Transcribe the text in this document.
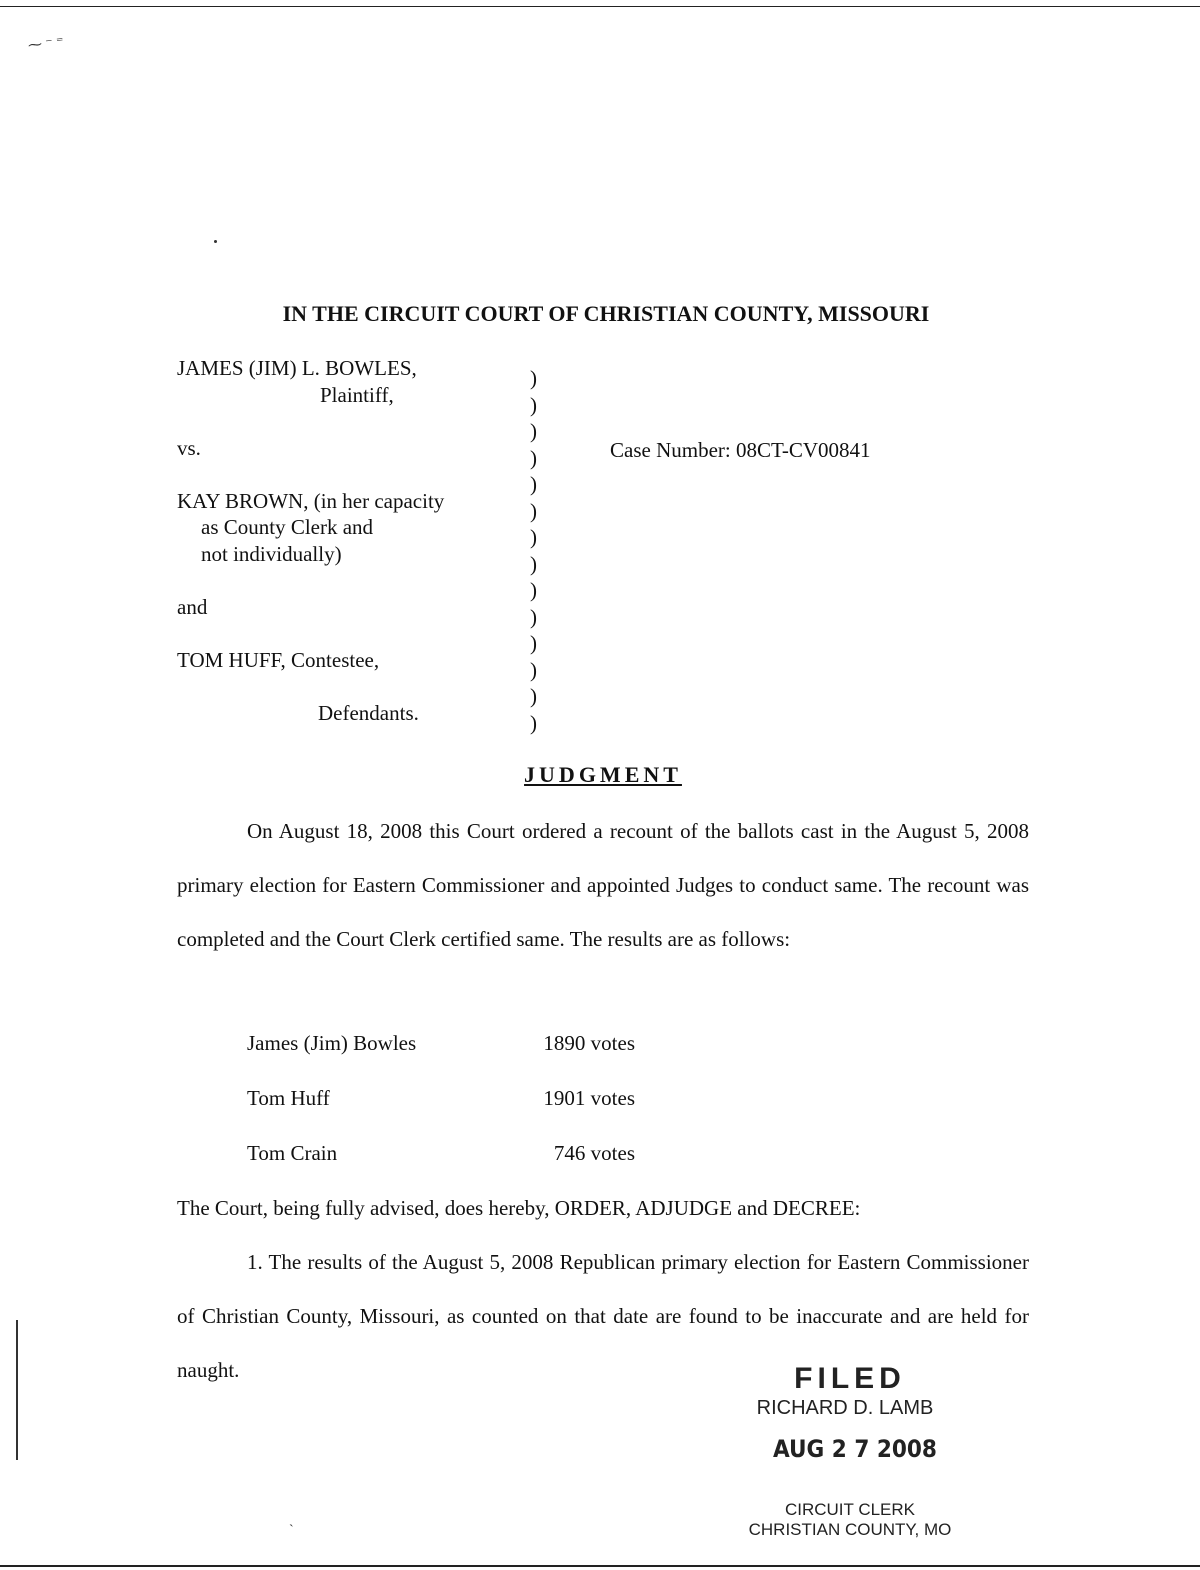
⁓ ⁻ ⁼
IN THE CIRCUIT COURT OF CHRISTIAN COUNTY, MISSOURI
JAMES (JIM) L. BOWLES,
Plaintiff,
vs.
KAY BROWN, (in her capacity
as County Clerk and
not individually)
and
TOM HUFF, Contestee,
Defendants.
)
)
)
)
)
)
)
)
)
)
)
)
)
)
Case Number: 08CT-CV00841
JUDGMENT
On August 18, 2008 this Court ordered a recount of the ballots cast in the August 5, 2008 primary election for Eastern Commissioner and appointed Judges to conduct same. The recount was completed and the Court Clerk certified same. The results are as follows:
James (Jim) Bowles	1890 votes
Tom Huff	1901 votes
Tom Crain	746 votes
The Court, being fully advised, does hereby, ORDER, ADJUDGE and DECREE:
1. The results of the August 5, 2008 Republican primary election for Eastern Commissioner of Christian County, Missouri, as counted on that date are found to be inaccurate and are held for naught.	FILED
RICHARD D. LAMB
AUG 2 7 2008
CIRCUIT CLERK
CHRISTIAN COUNTY, MO
ˋ
